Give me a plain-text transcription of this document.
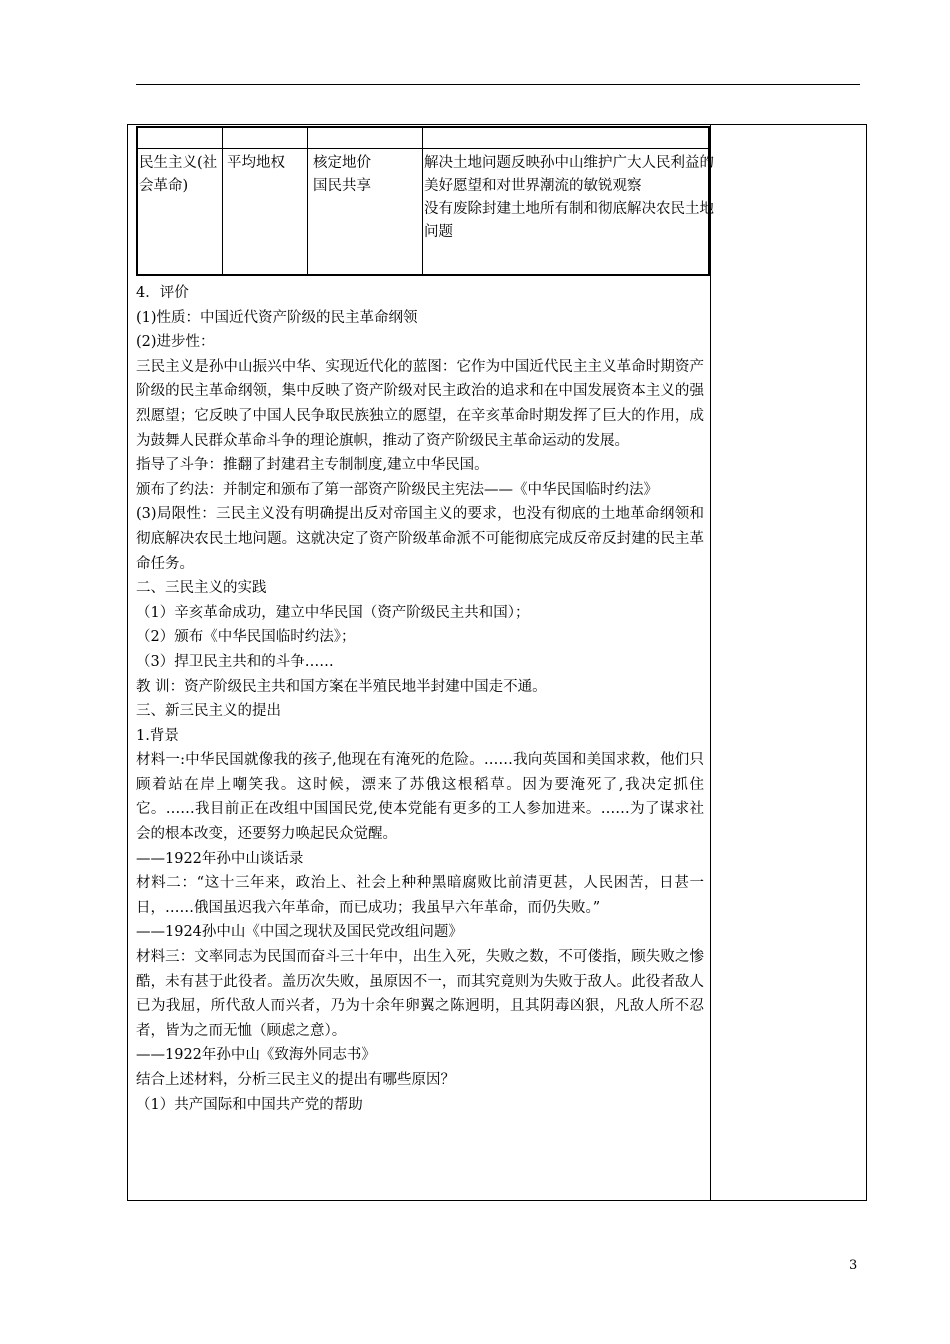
民生主义(社会革命)
平均地权	核定地价国民共享
解决土地问题反映孙中山维护广大人民利益的
美好愿望和对世界潮流的敏锐观察
没有废除封建土地所有制和彻底解决农民土地
问题

4．评价

(1)性质：中国近代资产阶级的民主革命纲领

(2)进步性：

三民主义是孙中山振兴中华、实现近代化的蓝图：它作为中国近代民主主义革命时期资产阶级的民主革命纲领，集中反映了资产阶级对民主政治的追求和在中国发展资本主义的强烈愿望；它反映了中国人民争取民族独立的愿望，在辛亥革命时期发挥了巨大的作用，成为鼓舞人民群众革命斗争的理论旗帜，推动了资产阶级民主革命运动的发展。

指导了斗争：推翻了封建君主专制制度,建立中华民国。

颁布了约法：并制定和颁布了第一部资产阶级民主宪法——《中华民国临时约法》

(3)局限性：三民主义没有明确提出反对帝国主义的要求，也没有彻底的土地革命纲领和彻底解决农民土地问题。这就决定了资产阶级革命派不可能彻底完成反帝反封建的民主革命任务。

二、三民主义的实践

（1）辛亥革命成功，建立中华民国（资产阶级民主共和国）；

（2）颁布《中华民国临时约法》；

（3）捍卫民主共和的斗争……

教 训：资产阶级民主共和国方案在半殖民地半封建中国走不通。

三、新三民主义的提出

1.背景

材料一:中华民国就像我的孩子,他现在有淹死的危险。……我向英国和美国求救，他们只顾着站在岸上嘲笑我。这时候，漂来了苏俄这根稻草。因为要淹死了,我决定抓住它。……我目前正在改组中国国民党,使本党能有更多的工人参加进来。……为了谋求社会的根本改变，还要努力唤起民众觉醒。

——1922年孙中山谈话录

材料二：“这十三年来，政治上、社会上种种黑暗腐败比前清更甚，人民困苦，日甚一日，……俄国虽迟我六年革命，而已成功；我虽早六年革命，而仍失败。”

——1924孙中山《中国之现状及国民党改组问题》

材料三：文率同志为民国而奋斗三十年中，出生入死，失败之数，不可偻指，顾失败之惨酷，未有甚于此役者。盖历次失败，虽原因不一，而其究竟则为失败于敌人。此役者敌人已为我屈，所代敌人而兴者，乃为十余年卵翼之陈迥明，且其阴毒凶狠，凡敌人所不忍者，皆为之而无恤（顾虑之意）。

——1922年孙中山《致海外同志书》

结合上述材料，分析三民主义的提出有哪些原因？

（1）共产国际和中国共产党的帮助

3
